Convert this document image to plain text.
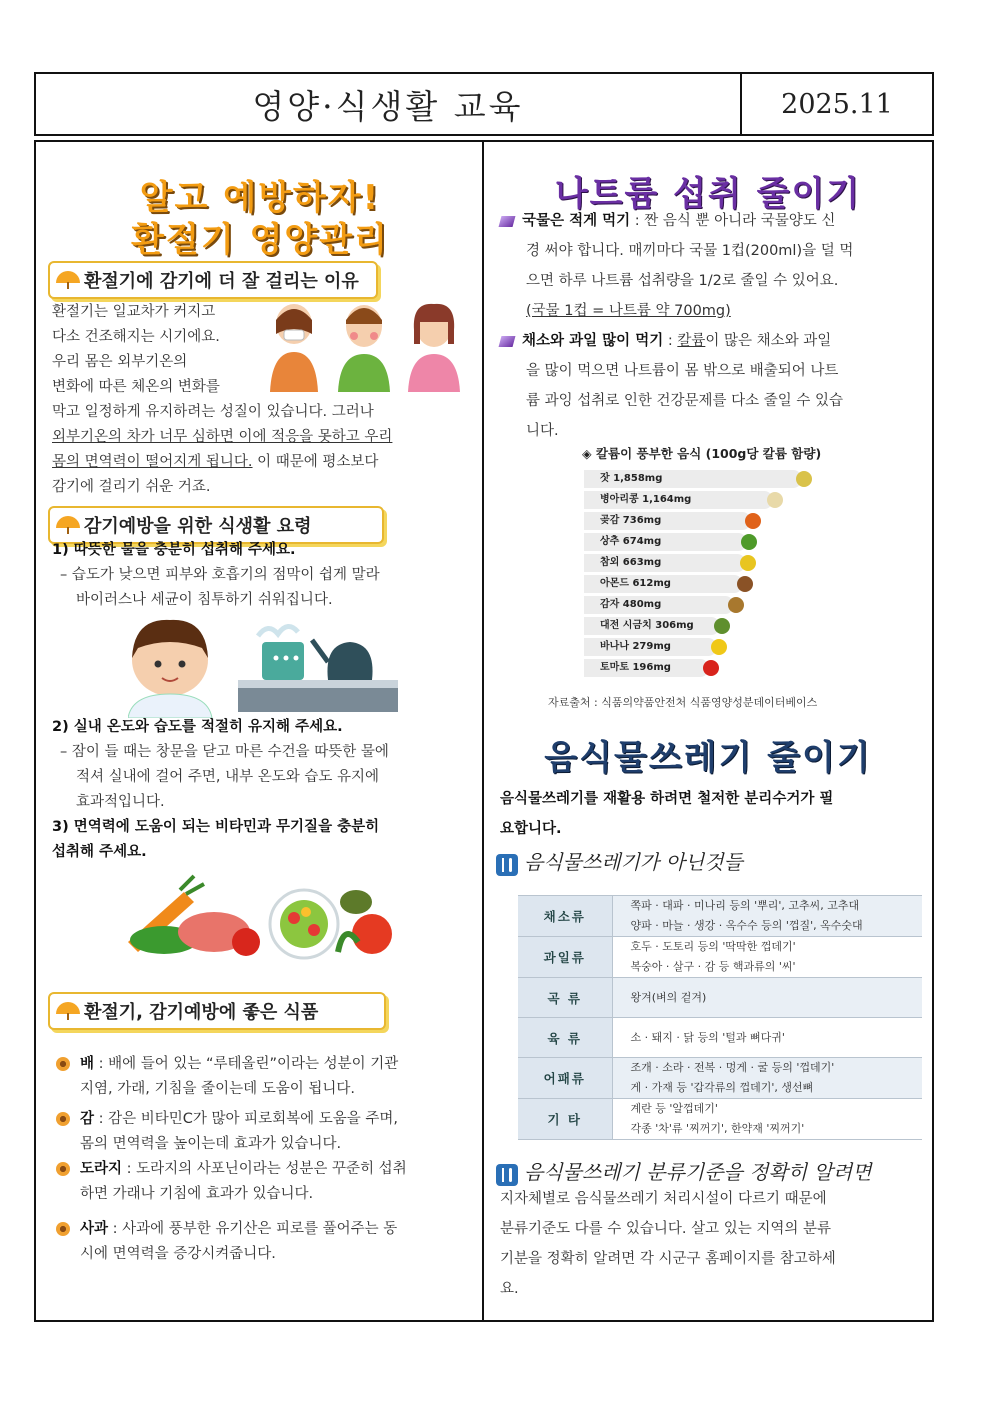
영양·식생활 교육	2025.11
알고 예방하자!
환절기 영양관리
환절기에 감기에 더 잘 걸리는 이유
환절기는 일교차가 커지고
다소 건조해지는 시기에요.
우리 몸은 외부기온의
변화에 따른 체온의 변화를
막고 일정하게 유지하려는 성질이 있습니다. 그러나
외부기온의 차가 너무 심하면 이에 적응을 못하고 우리
몸의 면역력이 떨어지게 됩니다. 이 때문에 평소보다
감기에 걸리기 쉬운 거죠.
감기예방을 위한 식생활 요령
1) 따뜻한 물을 충분히 섭취해 주세요.
– 습도가 낮으면 피부와 호흡기의 점막이 쉽게 말라
바이러스나 세균이 침투하기 쉬워집니다.
2) 실내 온도와 습도를 적절히 유지해 주세요.
– 잠이 들 때는 창문을 닫고 마른 수건을 따뜻한 물에
적셔 실내에 걸어 주면, 내부 온도와 습도 유지에
효과적입니다.
3) 면역력에 도움이 되는 비타민과 무기질을 충분히
섭취해 주세요.
환절기, 감기예방에 좋은 식품
배 : 배에 들어 있는 “루테올린”이라는 성분이 기관
지염, 가래, 기침을 줄이는데 도움이 됩니다.
감 : 감은 비타민C가 많아 피로회복에 도움을 주며,
몸의 면역력을 높이는데 효과가 있습니다.
도라지 : 도라지의 사포닌이라는 성분은 꾸준히 섭취
하면 가래나 기침에 효과가 있습니다.
사과 : 사과에 풍부한 유기산은 피로를 풀어주는 동
시에 면역력을 증강시켜줍니다.
나트륨 섭취 줄이기
국물은 적게 먹기 : 짠 음식 뿐 아니라 국물양도 신
경 써야 합니다. 매끼마다 국물 1컵(200ml)을 덜 먹
으면 하루 나트륨 섭취량을 1/2로 줄일 수 있어요.
(국물 1컵 = 나트륨 약 700mg)
채소와 과일 많이 먹기 : 칼륨이 많은 채소와 과일
을 많이 먹으면 나트륨이 몸 밖으로 배출되어 나트
륨 과잉 섭취로 인한 건강문제를 다소 줄일 수 있습
니다.
◈ 칼륨이 풍부한 음식 (100g당 칼륨 함량)
잣 1,858mg
병아리콩 1,164mg
곶감 736mg
상추 674mg
참외 663mg
아몬드 612mg
감자 480mg
대전 시금치 306mg
바나나 279mg
토마토 196mg
자료출처 : 식품의약품안전처 식품영양성분데이터베이스
음식물쓰레기 줄이기
음식물쓰레기를 재활용 하려면 철저한 분리수거가 필
요합니다.
음식물쓰레기가 아닌것들
채소류	쪽파 · 대파 · 미나리 등의 '뿌리', 고추씨, 고추대
양파 · 마늘 · 생강 · 옥수수 등의 '껍질', 옥수숫대

과일류	호두 · 도토리 등의 '딱딱한 껍데기'
복숭아 · 살구 · 감 등 핵과류의 '씨'

곡 류	왕겨(벼의 겉겨)

육 류	소 · 돼지 · 닭 등의 '털과 뼈다귀'

어패류	조개 · 소라 · 전복 · 멍게 · 굴 등의 '껍데기'
게 · 가재 등 '갑각류의 껍데기', 생선뼈

기 타	계란 등 '알껍데기'
각종 '차'류 '찌꺼기', 한약재 '찌꺼기'
음식물쓰레기 분류기준을 정확히 알려면
지자체별로 음식물쓰레기 처리시설이 다르기 때문에
분류기준도 다를 수 있습니다. 살고 있는 지역의 분류
기분을 정확히 알려면 각 시군구 홈페이지를 참고하세
요.
